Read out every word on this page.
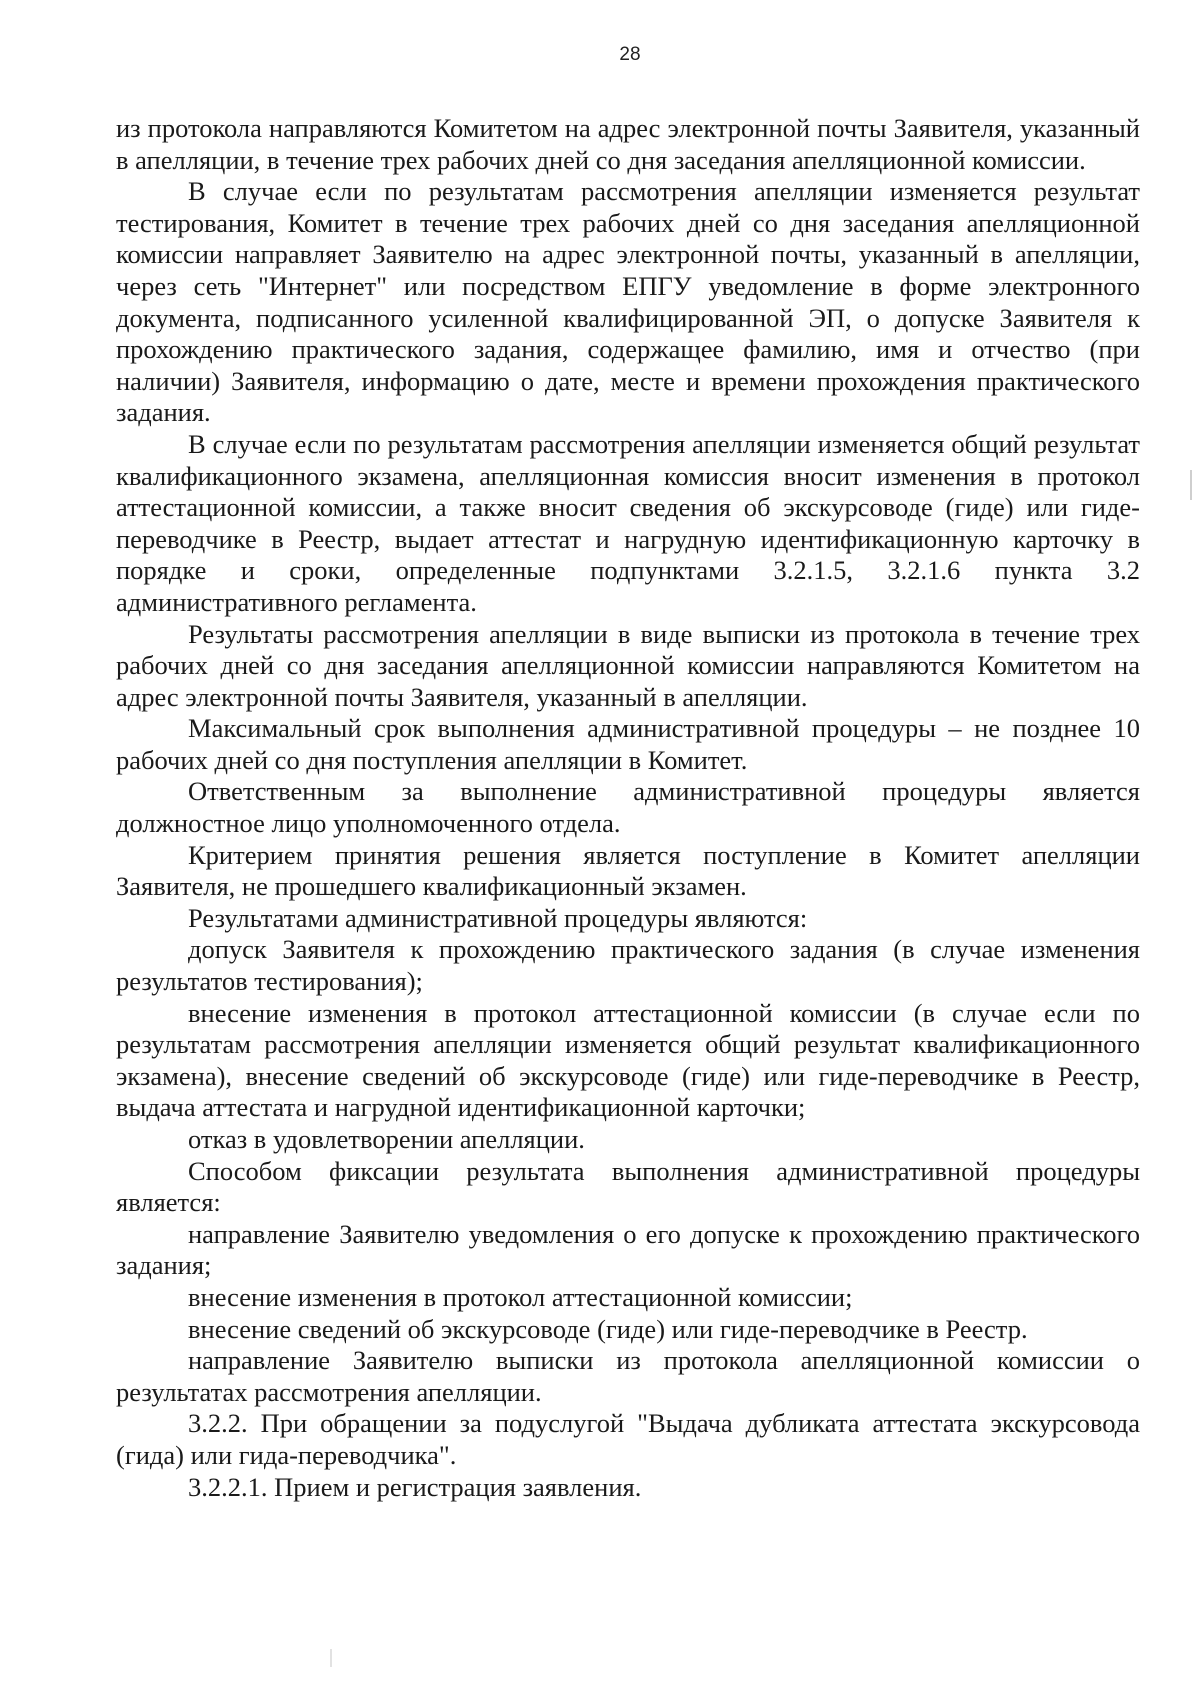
28

из протокола направляются Комитетом на адрес электронной почты Заявителя, указанный в апелляции, в течение трех рабочих дней со дня заседания апелляционной комиссии.

В случае если по результатам рассмотрения апелляции изменяется результат тестирования, Комитет в течение трех рабочих дней со дня заседания апелляционной комиссии направляет Заявителю на адрес электронной почты, указанный в апелляции, через сеть "Интернет" или посредством ЕПГУ уведомление в форме электронного документа, подписанного усиленной квалифицированной ЭП, о допуске Заявителя к прохождению практического задания, содержащее фамилию, имя и отчество (при наличии) Заявителя, информацию о дате, месте и времени прохождения практического задания.

В случае если по результатам рассмотрения апелляции изменяется общий результат квалификационного экзамена, апелляционная комиссия вносит изменения в протокол аттестационной комиссии, а также вносит сведения об экскурсоводе (гиде) или гиде-переводчике в Реестр, выдает аттестат и нагрудную идентификационную карточку в порядке и сроки, определенные подпунктами 3.2.1.5, 3.2.1.6 пункта 3.2 административного регламента.

Результаты рассмотрения апелляции в виде выписки из протокола в течение трех рабочих дней со дня заседания апелляционной комиссии направляются Комитетом на адрес электронной почты Заявителя, указанный в апелляции.

Максимальный срок выполнения административной процедуры – не позднее 10 рабочих дней со дня поступления апелляции в Комитет.

Ответственным за выполнение административной процедуры является должностное лицо уполномоченного отдела.

Критерием принятия решения является поступление в Комитет апелляции Заявителя, не прошедшего квалификационный экзамен.

Результатами административной процедуры являются:

допуск Заявителя к прохождению практического задания (в случае изменения результатов тестирования);

внесение изменения в протокол аттестационной комиссии (в случае если по результатам рассмотрения апелляции изменяется общий результат квалификационного экзамена), внесение сведений об экскурсоводе (гиде) или гиде-переводчике в Реестр, выдача аттестата и нагрудной идентификационной карточки;

отказ в удовлетворении апелляции.

Способом фиксации результата выполнения административной процедуры является:

направление Заявителю уведомления о его допуске к прохождению практического задания;

внесение изменения в протокол аттестационной комиссии;

внесение сведений об экскурсоводе (гиде) или гиде-переводчике в Реестр.

направление Заявителю выписки из протокола апелляционной комиссии о результатах рассмотрения апелляции.

3.2.2. При обращении за подуслугой "Выдача дубликата аттестата экскурсовода (гида) или гида-переводчика".

3.2.2.1. Прием и регистрация заявления.
